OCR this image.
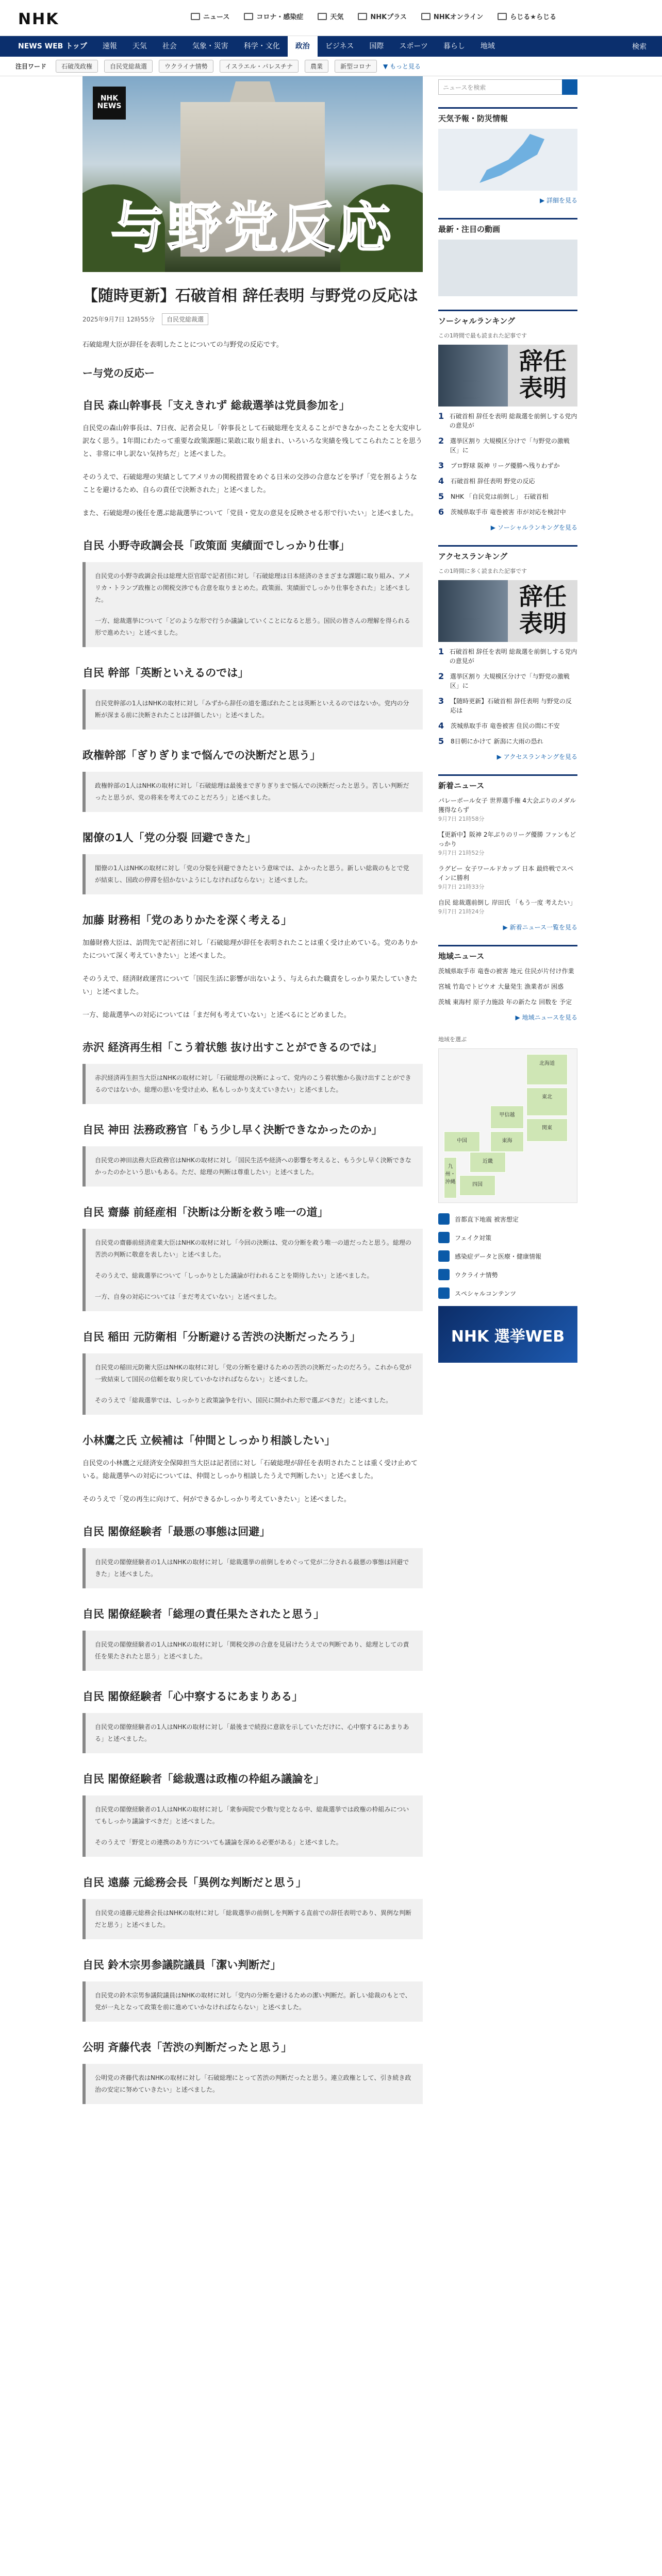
NHK	ニュース	コロナ・感染症	天気	NHKプラス	NHKオンライン	らじる★らじる
NEWS WEB トップ	速報	天気	社会	気象・災害	科学・文化	政治	ビジネス	国際	スポーツ	暮らし	地域	検索
注目ワード	石破茂政権	自民党総裁選	ウクライナ情勢	イスラエル・パレスチナ	農業	新型コロナ	▼ もっと見る
NHK NEWS
与野党反応
【随時更新】石破首相 辞任表明 与野党の反応は
2025年9月7日 12時55分	自民党総裁選

石破総理大臣が辞任を表明したことについての与野党の反応です。

ー与党の反応ー
自民 森山幹事長「支えきれず 総裁選挙は党員参加を」

自民党の森山幹事長は、7日夜、記者会見し「幹事長として石破総理を支えることができなかったことを大変申し訳なく思う。1年間にわたって重要な政策課題に果敢に取り組まれ、いろいろな実績を残してこられたことを思うと、非常に申し訳ない気持ちだ」と述べました。

そのうえで、石破総理の実績としてアメリカの関税措置をめぐる日米の交渉の合意などを挙げ「党を割るようなことを避けるため、自らの責任で決断された」と述べました。

また、石破総理の後任を選ぶ総裁選挙について「党員・党友の意見を反映させる形で行いたい」と述べました。

自民 小野寺政調会長「政策面 実績面でしっかり仕事」

自民党の小野寺政調会長は総理大臣官邸で記者団に対し「石破総理は日本経済のさまざまな課題に取り組み、アメリカ・トランプ政権との関税交渉でも合意を取りまとめた。政策面、実績面でしっかり仕事をされた」と述べました。

一方、総裁選挙について「どのような形で行うか議論していくことになると思う。国民の皆さんの理解を得られる形で進めたい」と述べました。

自民 幹部「英断といえるのでは」

自民党幹部の1人はNHKの取材に対し「みずから辞任の道を選ばれたことは英断といえるのではないか。党内の分断が深まる前に決断されたことは評価したい」と述べました。

政権幹部「ぎりぎりまで悩んでの決断だと思う」

政権幹部の1人はNHKの取材に対し「石破総理は最後までぎりぎりまで悩んでの決断だったと思う。苦しい判断だったと思うが、党の将来を考えてのことだろう」と述べました。

閣僚の1人「党の分裂 回避できた」

閣僚の1人はNHKの取材に対し「党の分裂を回避できたという意味では、よかったと思う。新しい総裁のもとで党が結束し、国政の停滞を招かないようにしなければならない」と述べました。

加藤 財務相「党のありかたを深く考える」

加藤財務大臣は、訪問先で記者団に対し「石破総理が辞任を表明されたことは重く受け止めている。党のありかたについて深く考えていきたい」と述べました。

そのうえで、経済財政運営について「国民生活に影響が出ないよう、与えられた職責をしっかり果たしていきたい」と述べました。

一方、総裁選挙への対応については「まだ何も考えていない」と述べるにとどめました。

赤沢 経済再生相「こう着状態 抜け出すことができるのでは」

赤沢経済再生担当大臣はNHKの取材に対し「石破総理の決断によって、党内のこう着状態から抜け出すことができるのではないか。総理の思いを受け止め、私もしっかり支えていきたい」と述べました。

自民 神田 法務政務官「もう少し早く決断できなかったのか」

自民党の神田法務大臣政務官はNHKの取材に対し「国民生活や経済への影響を考えると、もう少し早く決断できなかったのかという思いもある。ただ、総理の判断は尊重したい」と述べました。

自民 齋藤 前経産相「決断は分断を救う唯一の道」

自民党の齋藤前経済産業大臣はNHKの取材に対し「今回の決断は、党の分断を救う唯一の道だったと思う。総理の苦渋の判断に敬意を表したい」と述べました。

そのうえで、総裁選挙について「しっかりとした議論が行われることを期待したい」と述べました。

一方、自身の対応については「まだ考えていない」と述べました。

自民 稲田 元防衛相「分断避ける苦渋の決断だったろう」

自民党の稲田元防衛大臣はNHKの取材に対し「党の分断を避けるための苦渋の決断だったのだろう。これから党が一致結束して国民の信頼を取り戻していかなければならない」と述べました。

そのうえで「総裁選挙では、しっかりと政策論争を行い、国民に開かれた形で選ぶべきだ」と述べました。

小林鷹之氏 立候補は「仲間としっかり相談したい」

自民党の小林鷹之元経済安全保障担当大臣は記者団に対し「石破総理が辞任を表明されたことは重く受け止めている。総裁選挙への対応については、仲間としっかり相談したうえで判断したい」と述べました。

そのうえで「党の再生に向けて、何ができるかしっかり考えていきたい」と述べました。

自民 閣僚経験者「最悪の事態は回避」

自民党の閣僚経験者の1人はNHKの取材に対し「総裁選挙の前倒しをめぐって党が二分される最悪の事態は回避できた」と述べました。

自民 閣僚経験者「総理の責任果たされたと思う」

自民党の閣僚経験者の1人はNHKの取材に対し「関税交渉の合意を見届けたうえでの判断であり、総理としての責任を果たされたと思う」と述べました。

自民 閣僚経験者「心中察するにあまりある」

自民党の閣僚経験者の1人はNHKの取材に対し「最後まで続投に意欲を示していただけに、心中察するにあまりある」と述べました。

自民 閣僚経験者「総裁選は政権の枠組み議論を」

自民党の閣僚経験者の1人はNHKの取材に対し「衆参両院で少数与党となる中、総裁選挙では政権の枠組みについてもしっかり議論すべきだ」と述べました。

そのうえで「野党との連携のあり方についても議論を深める必要がある」と述べました。

自民 遠藤 元総務会長「異例な判断だと思う」

自民党の遠藤元総務会長はNHKの取材に対し「総裁選挙の前倒しを判断する直前での辞任表明であり、異例な判断だと思う」と述べました。

自民 鈴木宗男参議院議員「潔い判断だ」

自民党の鈴木宗男参議院議員はNHKの取材に対し「党内の分断を避けるための潔い判断だ。新しい総裁のもとで、党が一丸となって政策を前に進めていかなければならない」と述べました。

公明 斉藤代表「苦渋の判断だったと思う」

公明党の斉藤代表はNHKの取材に対し「石破総理にとって苦渋の判断だったと思う。連立政権として、引き続き政治の安定に努めていきたい」と述べました。

ニュースを検索
天気予報・防災情報
▶ 詳細を見る
最新・注目の動画
ソーシャルランキング
この1時間で最も読まれた記事です
辞任表明
1 石破首相 辞任を表明 総裁選を前倒しする党内の意見が
2 選挙区割り 大規模区分けで「与野党の激戦区」に
3 プロ野球 阪神 リーグ優勝へ残りわずか
4 石破首相 辞任表明 野党の反応
5 NHK 「自民党は前倒し」 石破首相
6 茨城県取手市 竜巻被害 市が対応を検討中
▶ ソーシャルランキングを見る
アクセスランキング
この1時間に多く読まれた記事です
辞任表明
1 石破首相 辞任を表明 総裁選を前倒しする党内の意見が
2 選挙区割り 大規模区分けで「与野党の激戦区」に
3 【随時更新】石破首相 辞任表明 与野党の反応は
4 茨城県取手市 竜巻被害 住民の間に不安
5 8日朝にかけて 新潟に大雨の恐れ
▶ アクセスランキングを見る
新着ニュース
パレーボール女子 世界選手権 4大会ぶりのメダル獲得ならず
9月7日 21時58分
【更新中】阪神 2年ぶりのリーグ優勝 ファンもどっかり
9月7日 21時52分
ラグビー 女子ワールドカップ 日本 最終戦でスペインに勝利
9月7日 21時33分
自民 総裁選前倒し 岸田氏 「もう一度 考えたい」
9月7日 21時24分
▶ 新着ニュース一覧を見る
地域ニュース
茨城県取手市 竜巻の被害 地元 住民が片付け作業
宮城 竹島でトビウオ 大量発生 漁業者が 困惑
茨城 東海村 原子力施設 年の新たな 回数を 予定
▶ 地域ニュースを見る
地域を選ぶ
北海道
東北
関東
甲信越
東海
近畿
中国
四国
九州・沖縄
首都直下地震 被害想定
フェイク対策
感染症データと医療・健康情報
ウクライナ情勢
スペシャルコンテンツ
NHK 選挙WEB
